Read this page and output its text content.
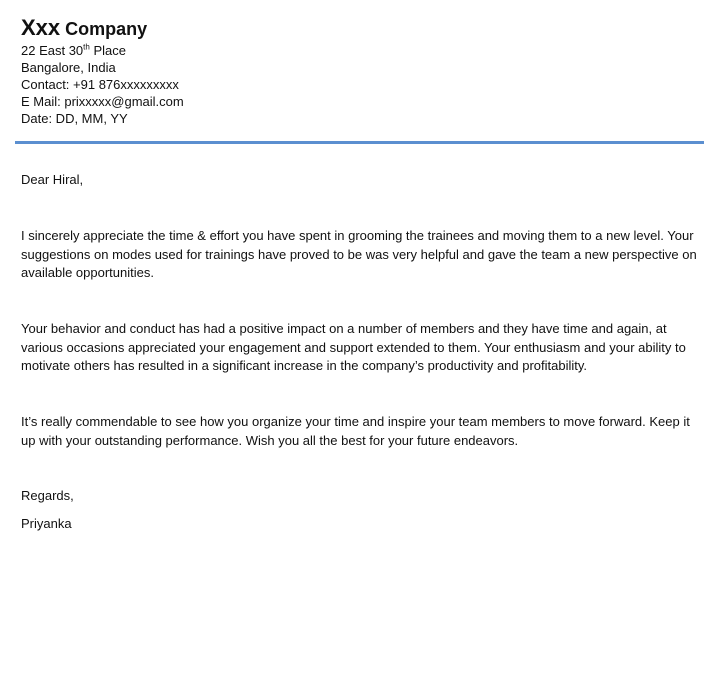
Xxx Company
22 East 30th Place
Bangalore, India
Contact: +91 876xxxxxxxxx
E Mail: prixxxxx@gmail.com
Date: DD, MM, YY
Dear Hiral,

I sincerely appreciate the time & effort you have spent in grooming the trainees and moving them to a new level. Your suggestions on modes used for trainings have proved to be was very helpful and gave the team a new perspective on available opportunities.

Your behavior and conduct has had a positive impact on a number of members and they have time and again, at various occasions appreciated your engagement and support extended to them. Your enthusiasm and your ability to motivate others has resulted in a significant increase in the company’s productivity and profitability.

It’s really commendable to see how you organize your time and inspire your team members to move forward. Keep it up with your outstanding performance. Wish you all the best for your future endeavors.

Regards,
Priyanka
